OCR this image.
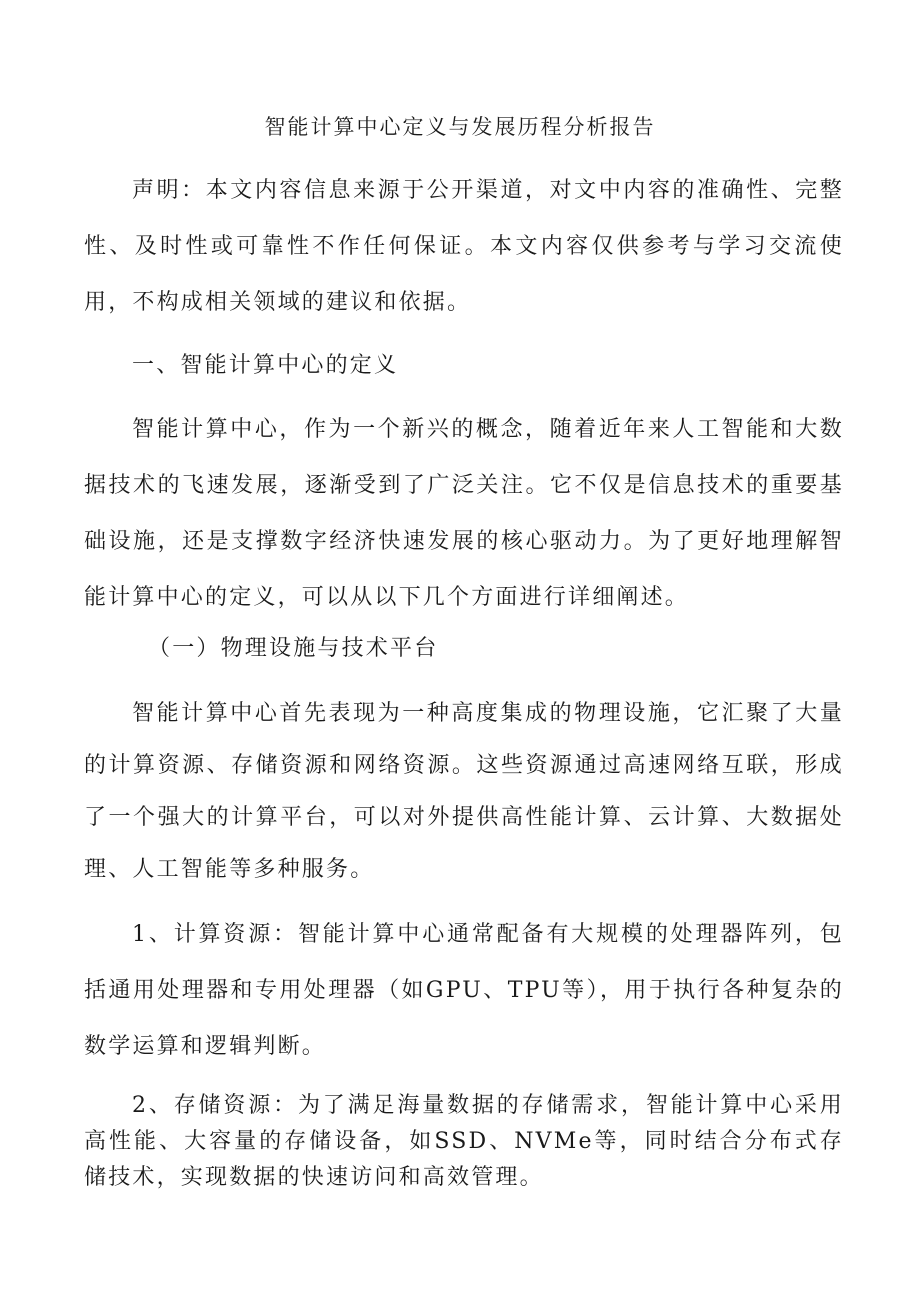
智能计算中心定义与发展历程分析报告

声明：本文内容信息来源于公开渠道，对文中内容的准确性、完整性、及时性或可靠性不作任何保证。本文内容仅供参考与学习交流使用，不构成相关领域的建议和依据。

一、智能计算中心的定义

智能计算中心，作为一个新兴的概念，随着近年来人工智能和大数据技术的飞速发展，逐渐受到了广泛关注。它不仅是信息技术的重要基础设施，还是支撑数字经济快速发展的核心驱动力。为了更好地理解智能计算中心的定义，可以从以下几个方面进行详细阐述。

（一）物理设施与技术平台

智能计算中心首先表现为一种高度集成的物理设施，它汇聚了大量的计算资源、存储资源和网络资源。这些资源通过高速网络互联，形成了一个强大的计算平台，可以对外提供高性能计算、云计算、大数据处理、人工智能等多种服务。

1、计算资源：智能计算中心通常配备有大规模的处理器阵列，包括通用处理器和专用处理器（如GPU、TPU等），用于执行各种复杂的数学运算和逻辑判断。

2、存储资源：为了满足海量数据的存储需求，智能计算中心采用高性能、大容量的存储设备，如SSD、NVMe等，同时结合分布式存储技术，实现数据的快速访问和高效管理。
